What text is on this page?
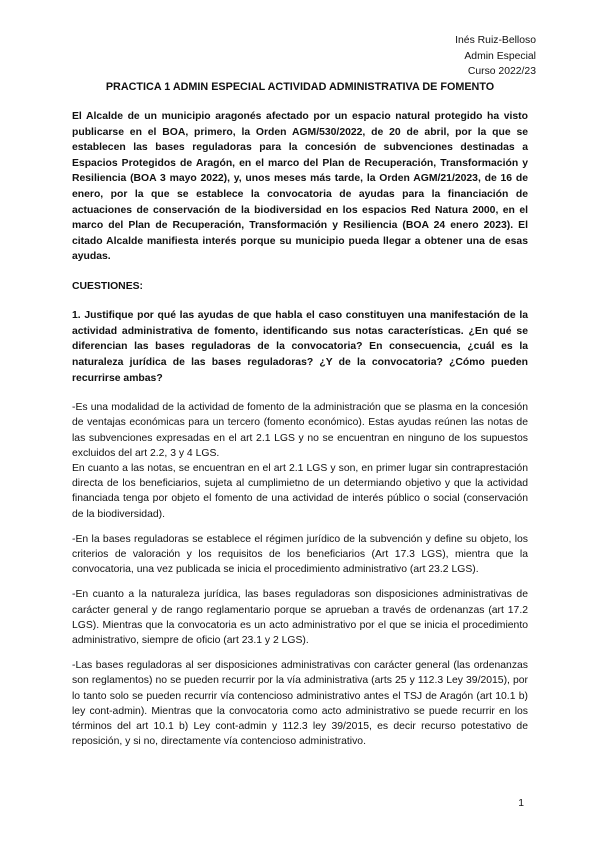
Inés Ruiz-Belloso
Admin Especial
Curso 2022/23
PRACTICA 1 ADMIN ESPECIAL ACTIVIDAD ADMINISTRATIVA DE FOMENTO

El Alcalde de un municipio aragonés afectado por un espacio natural protegido ha visto publicarse en el BOA, primero, la Orden AGM/530/2022, de 20 de abril, por la que se establecen las bases reguladoras para la concesión de subvenciones destinadas a Espacios Protegidos de Aragón, en el marco del Plan de Recuperación, Transformación y Resiliencia (BOA 3 mayo 2022), y, unos meses más tarde, la Orden AGM/21/2023, de 16 de enero, por la que se establece la convocatoria de ayudas para la financiación de actuaciones de conservación de la biodiversidad en los espacios Red Natura 2000, en el marco del Plan de Recuperación, Transformación y Resiliencia (BOA 24 enero 2023). El citado Alcalde manifiesta interés porque su municipio pueda llegar a obtener una de esas ayudas.

CUESTIONES:

1. Justifique por qué las ayudas de que habla el caso constituyen una manifestación de la actividad administrativa de fomento, identificando sus notas características. ¿En qué se diferencian las bases reguladoras de la convocatoria? En consecuencia, ¿cuál es la naturaleza jurídica de las bases reguladoras? ¿Y de la convocatoria? ¿Cómo pueden recurrirse ambas?

-Es una modalidad de la actividad de fomento de la administración que se plasma en la concesión de ventajas económicas para un tercero (fomento económico). Estas ayudas reúnen las notas de las subvenciones expresadas en el art 2.1 LGS y no se encuentran en ninguno de los supuestos excluidos del art 2.2, 3 y 4 LGS.

En cuanto a las notas, se encuentran en el art 2.1 LGS y son, en primer lugar sin contraprestación directa de los beneficiarios, sujeta al cumplimietno de un determiando objetivo y que la actividad financiada tenga por objeto el fomento de una actividad de interés público o social (conservación de la biodiversidad).

-En la bases reguladoras se establece el régimen jurídico de la subvención y define su objeto, los criterios de valoración y los requisitos de los beneficiarios (Art 17.3 LGS), mientra que la convocatoria, una vez publicada se inicia el procedimiento administrativo (art 23.2 LGS).

-En cuanto a la naturaleza jurídica, las bases reguladoras son disposiciones administrativas de carácter general y de rango reglamentario porque se aprueban a través de ordenanzas (art 17.2 LGS). Mientras que la convocatoria es un acto administrativo por el que se inicia el procedimiento administrativo, siempre de oficio (art 23.1 y 2 LGS).

-Las bases reguladoras al ser disposiciones administrativas con carácter general (las ordenanzas son reglamentos) no se pueden recurrir por la vía administrativa (arts 25 y 112.3 Ley 39/2015), por lo tanto solo se pueden recurrir vía contencioso administrativo antes el TSJ de Aragón (art 10.1 b) ley cont-admin). Mientras que la convocatoria como acto administrativo se puede recurrir en los términos del art 10.1 b) Ley cont-admin y 112.3 ley 39/2015, es decir recurso potestativo de reposición, y si no, directamente vía contencioso administrativo.

1
